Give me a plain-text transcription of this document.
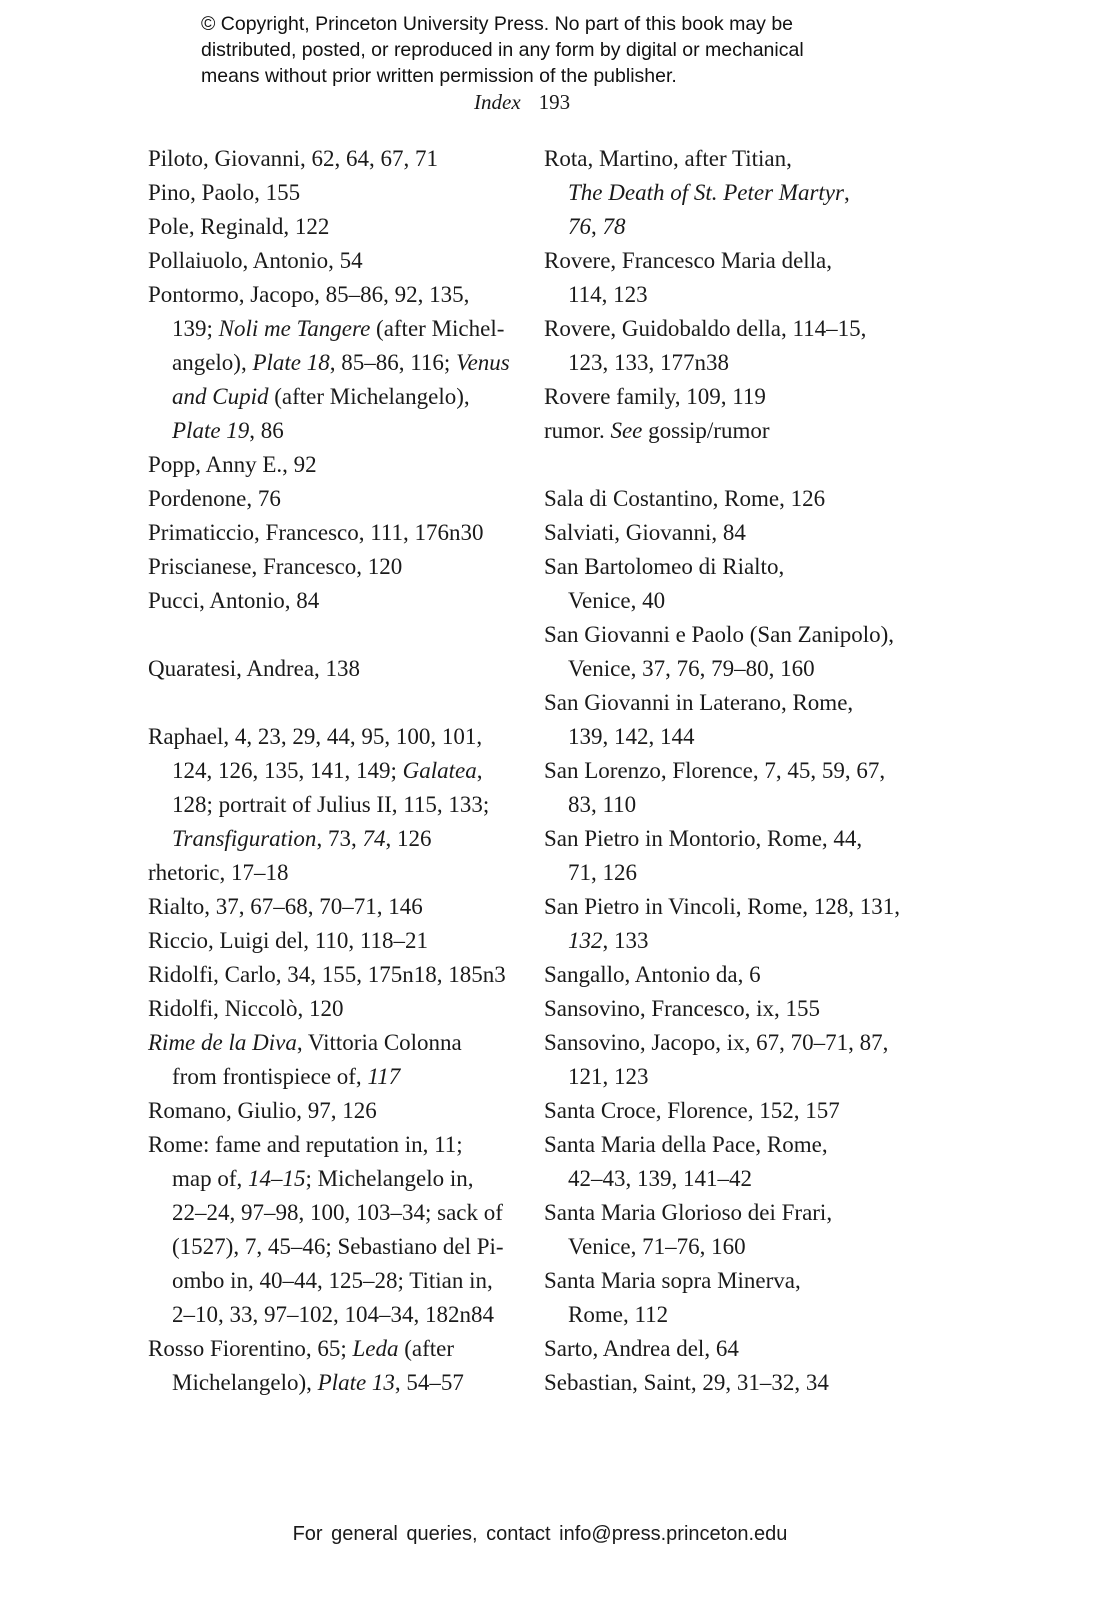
© Copyright, Princeton University Press. No part of this book may be
distributed, posted, or reproduced in any form by digital or mechanical
means without prior written permission of the publisher.
Index 193
Piloto, Giovanni, 62, 64, 67, 71
Pino, Paolo, 155
Pole, Reginald, 122
Pollaiuolo, Antonio, 54
Pontormo, Jacopo, 85–86, 92, 135,
139; Noli me Tangere (after Michel-
angelo), Plate 18, 85–86, 116; Venus
and Cupid (after Michelangelo),
Plate 19, 86
Popp, Anny E., 92
Pordenone, 76
Primaticcio, Francesco, 111, 176n30
Priscianese, Francesco, 120
Pucci, Antonio, 84
Quaratesi, Andrea, 138
Raphael, 4, 23, 29, 44, 95, 100, 101,
124, 126, 135, 141, 149; Galatea,
128; portrait of Julius II, 115, 133;
Transfiguration, 73, 74, 126
rhetoric, 17–18
Rialto, 37, 67–68, 70–71, 146
Riccio, Luigi del, 110, 118–21
Ridolfi, Carlo, 34, 155, 175n18, 185n3
Ridolfi, Niccolò, 120
Rime de la Diva, Vittoria Colonna
from frontispiece of, 117
Romano, Giulio, 97, 126
Rome: fame and reputation in, 11;
map of, 14–15; Michelangelo in,
22–24, 97–98, 100, 103–34; sack of
(1527), 7, 45–46; Sebastiano del Pi-
ombo in, 40–44, 125–28; Titian in,
2–10, 33, 97–102, 104–34, 182n84
Rosso Fiorentino, 65; Leda (after
Michelangelo), Plate 13, 54–57
Rota, Martino, after Titian,
The Death of St. Peter Martyr,
76, 78
Rovere, Francesco Maria della,
114, 123
Rovere, Guidobaldo della, 114–15,
123, 133, 177n38
Rovere family, 109, 119
rumor. See gossip/rumor
Sala di Costantino, Rome, 126
Salviati, Giovanni, 84
San Bartolomeo di Rialto,
Venice, 40
San Giovanni e Paolo (San Zanipolo),
Venice, 37, 76, 79–80, 160
San Giovanni in Laterano, Rome,
139, 142, 144
San Lorenzo, Florence, 7, 45, 59, 67,
83, 110
San Pietro in Montorio, Rome, 44,
71, 126
San Pietro in Vincoli, Rome, 128, 131,
132, 133
Sangallo, Antonio da, 6
Sansovino, Francesco, ix, 155
Sansovino, Jacopo, ix, 67, 70–71, 87,
121, 123
Santa Croce, Florence, 152, 157
Santa Maria della Pace, Rome,
42–43, 139, 141–42
Santa Maria Glorioso dei Frari,
Venice, 71–76, 160
Santa Maria sopra Minerva,
Rome, 112
Sarto, Andrea del, 64
Sebastian, Saint, 29, 31–32, 34
For general queries, contact info@press.princeton.edu
